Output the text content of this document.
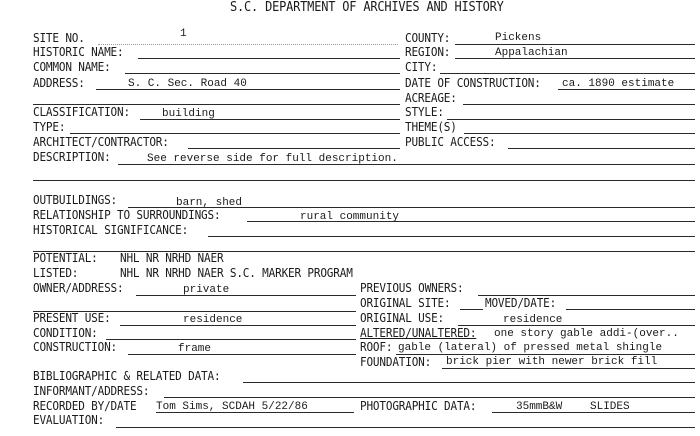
S.C. DEPARTMENT OF ARCHIVES AND HISTORY
SITE NO.	1
HISTORIC NAME:
COMMON NAME:
ADDRESS:	S. C. Sec. Road 40
COUNTY:	Pickens
REGION:	Appalachian
CITY:
DATE OF CONSTRUCTION: ca. 1890 estimate
ACREAGE:
CLASSIFICATION:	building
TYPE:
ARCHITECT/CONTRACTOR:
STYLE:
THEME(S)
PUBLIC ACCESS:
DESCRIPTION:	See reverse side for full description.
OUTBUILDINGS:	barn, shed
RELATIONSHIP TO SURROUNDINGS:	rural community
HISTORICAL SIGNIFICANCE:
POTENTIAL: NHL NR NRHD NAER
LISTED:	NHL NR NRHD NAER S.C. MARKER PROGRAM
OWNER/ADDRESS:	private	PREVIOUS OWNERS:
ORIGINAL SITE:	MOVED/DATE:
PRESENT USE:	residence	ORIGINAL USE:	residence
CONDITION:	ALTERED/UNALTERED: one story gable addi-(over..
CONSTRUCTION:	frame	ROOF: gable (lateral) of pressed metal shingle
FOUNDATION: brick pier with newer brick fill
BIBLIOGRAPHIC & RELATED DATA:
INFORMANT/ADDRESS:
RECORDED BY/DATE Tom Sims, SCDAH 5/22/86	PHOTOGRAPHIC DATA:	35mmB&W	SLIDES
EVALUATION:
